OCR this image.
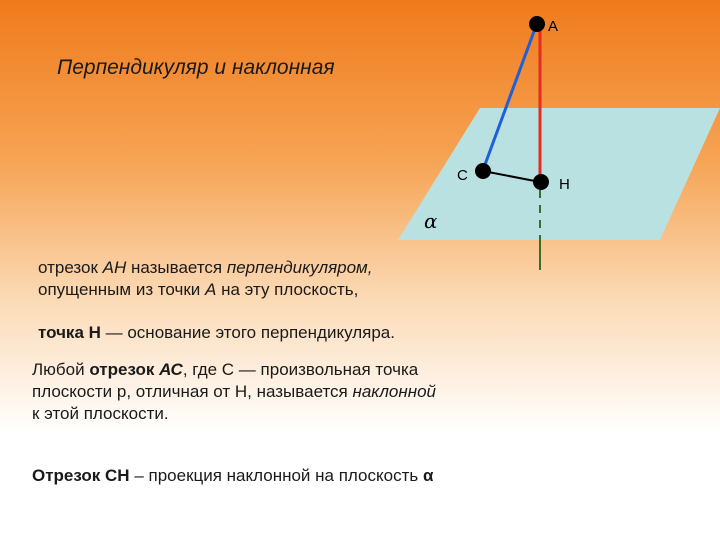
A
C
H
α
Перпендикуляр и наклонная
отрезок АН называется перпендикуляром, опущенным из точки А на эту плоскость,
точка Н — основание этого перпендикуляра.
Любой отрезок АС, где С — произвольная точка плоскости р, отличная от Н, называется наклонной к этой плоскости.
Отрезок СН – проекция наклонной на плоскость α
